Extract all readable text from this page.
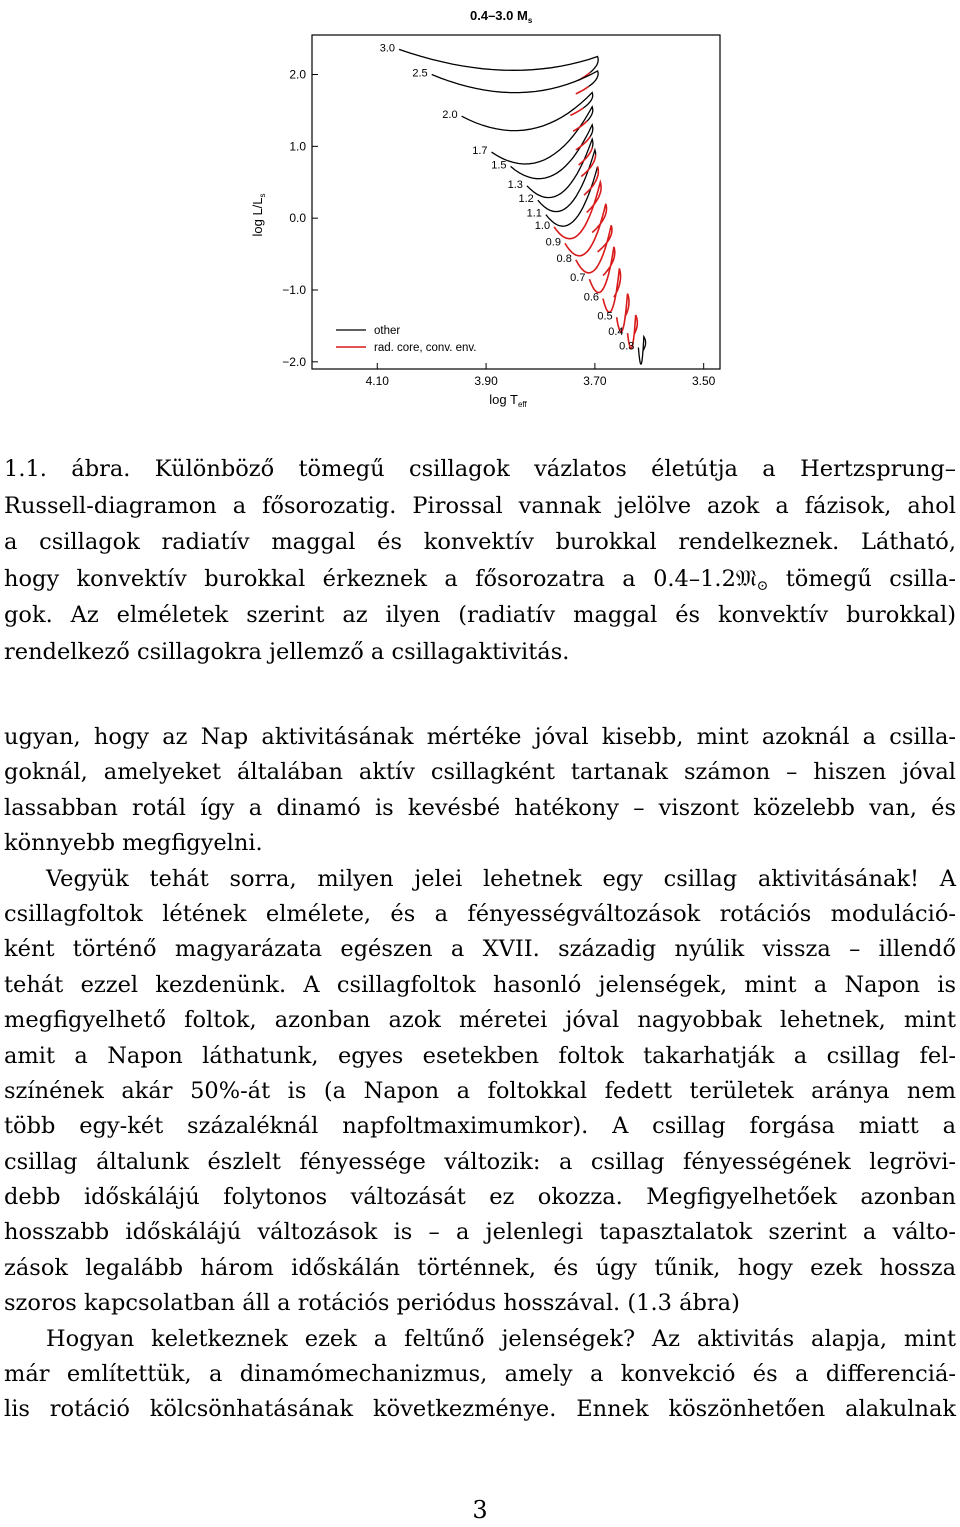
0.4–3.0 $M_s$
$\log L/L_s$
$\log T_{eff}$
4.10	3.90	3.70	3.50
2.0
1.0
0.0
−1.0
−2.0
3.0
2.5
2.0
1.7
1.5
1.3
1.2
1.1
1.0
0.9
0.8
0.7
0.6
0.5
0.4
0.3
other
rad. core, conv. env.
1.1. ábra. Különböző tömegű csillagok vázlatos életútja a Hertzsprung–
Russell-diagramon a fősorozatig. Pirossal vannak jelölve azok a fázisok, ahol
a csillagok radiatív maggal és konvektív burokkal rendelkeznek. Látható,
hogy konvektív burokkal érkeznek a fősorozatra a 0.4–1.2𝔐⊙ tömegű csilla-
gok. Az elméletek szerint az ilyen (radiatív maggal és konvektív burokkal)
rendelkező csillagokra jellemző a csillagaktivitás.
ugyan, hogy az Nap aktivitásának mértéke jóval kisebb, mint azoknál a csilla-
goknál, amelyeket általában aktív csillagként tartanak számon – hiszen jóval
lassabban rotál így a dinamó is kevésbé hatékony – viszont közelebb van, és
könnyebb megfigyelni.
Vegyük tehát sorra, milyen jelei lehetnek egy csillag aktivitásának! A
csillagfoltok létének elmélete, és a fényességváltozások rotációs moduláció-
ként történő magyarázata egészen a XVII. századig nyúlik vissza – illendő
tehát ezzel kezdenünk. A csillagfoltok hasonló jelenségek, mint a Napon is
megfigyelhető foltok, azonban azok méretei jóval nagyobbak lehetnek, mint
amit a Napon láthatunk, egyes esetekben foltok takarhatják a csillag fel-
színének akár 50%-át is (a Napon a foltokkal fedett területek aránya nem
több egy-két százaléknál napfoltmaximumkor). A csillag forgása miatt a
csillag általunk észlelt fényessége változik: a csillag fényességének legrövi-
debb időskálájú folytonos változását ez okozza. Megfigyelhetőek azonban
hosszabb időskálájú változások is – a jelenlegi tapasztalatok szerint a válto-
zások legalább három időskálán történnek, és úgy tűnik, hogy ezek hossza
szoros kapcsolatban áll a rotációs periódus hosszával. (1.3 ábra)
Hogyan keletkeznek ezek a feltűnő jelenségek? Az aktivitás alapja, mint
már említettük, a dinamómechanizmus, amely a konvekció és a differenciá-
lis rotáció kölcsönhatásának következménye. Ennek köszönhetően alakulnak
3
